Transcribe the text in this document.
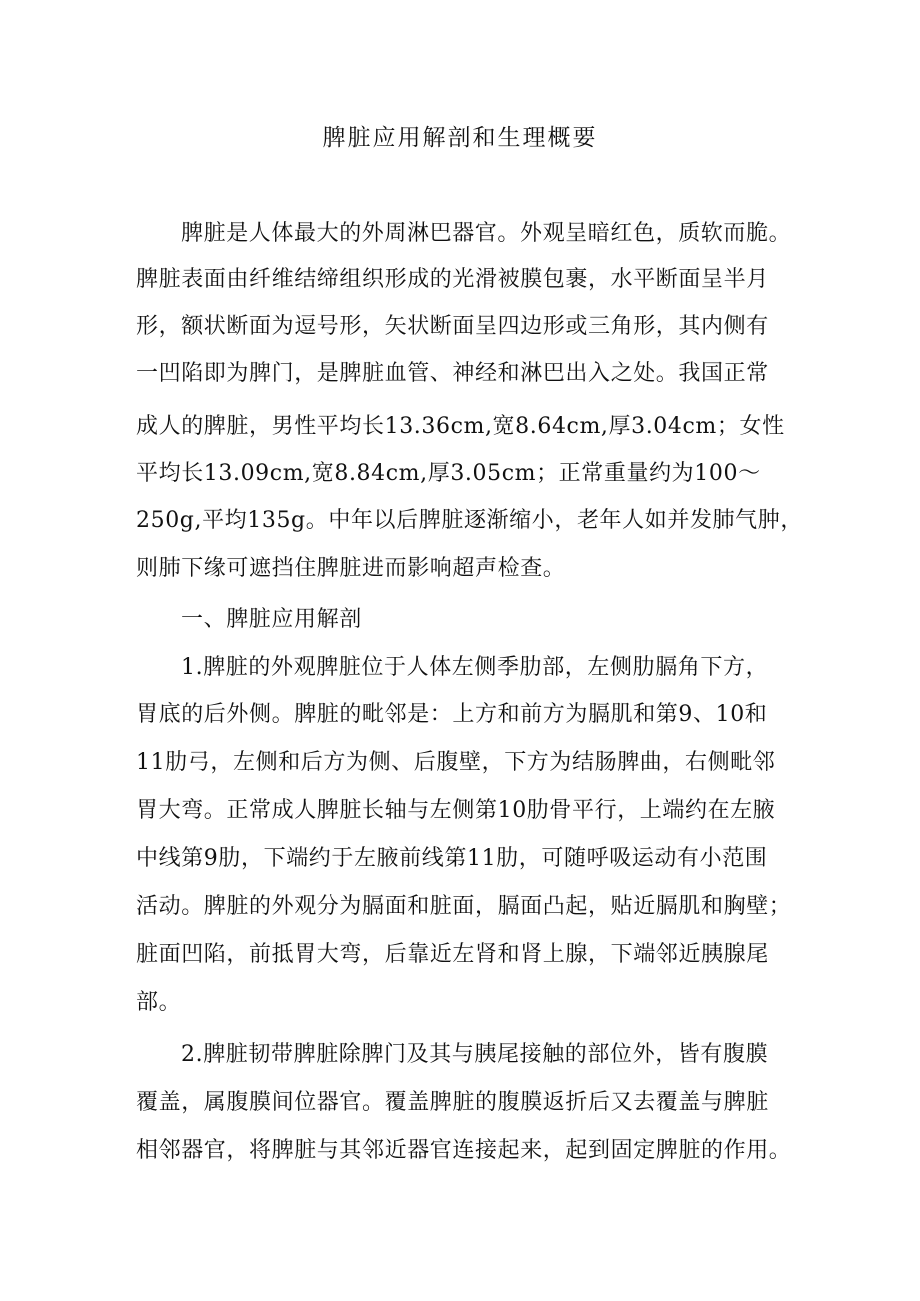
脾脏应用解剖和生理概要
脾脏是人体最大的外周淋巴器官。外观呈暗红色，质软而脆。
脾脏表面由纤维结缔组织形成的光滑被膜包裹，水平断面呈半月
形，额状断面为逗号形，矢状断面呈四边形或三角形，其内侧有
一凹陷即为脾门，是脾脏血管、神经和淋巴出入之处。我国正常
成人的脾脏，男性平均长13.36cm,宽8.64cm,厚3.04cm；女性
平均长13.09cm,宽8.84cm,厚3.05cm；正常重量约为100～
250g,平均135g。中年以后脾脏逐渐缩小，老年人如并发肺气肿，
则肺下缘可遮挡住脾脏进而影响超声检查。
一、脾脏应用解剖
1.脾脏的外观脾脏位于人体左侧季肋部，左侧肋膈角下方，
胃底的后外侧。脾脏的毗邻是：上方和前方为膈肌和第9、10和
11肋弓，左侧和后方为侧、后腹壁，下方为结肠脾曲，右侧毗邻
胃大弯。正常成人脾脏长轴与左侧第10肋骨平行，上端约在左腋
中线第9肋，下端约于左腋前线第11肋，可随呼吸运动有小范围
活动。脾脏的外观分为膈面和脏面，膈面凸起，贴近膈肌和胸壁；
脏面凹陷，前抵胃大弯，后靠近左肾和肾上腺，下端邻近胰腺尾
部。
2.脾脏韧带脾脏除脾门及其与胰尾接触的部位外，皆有腹膜
覆盖，属腹膜间位器官。覆盖脾脏的腹膜返折后又去覆盖与脾脏
相邻器官，将脾脏与其邻近器官连接起来，起到固定脾脏的作用。
